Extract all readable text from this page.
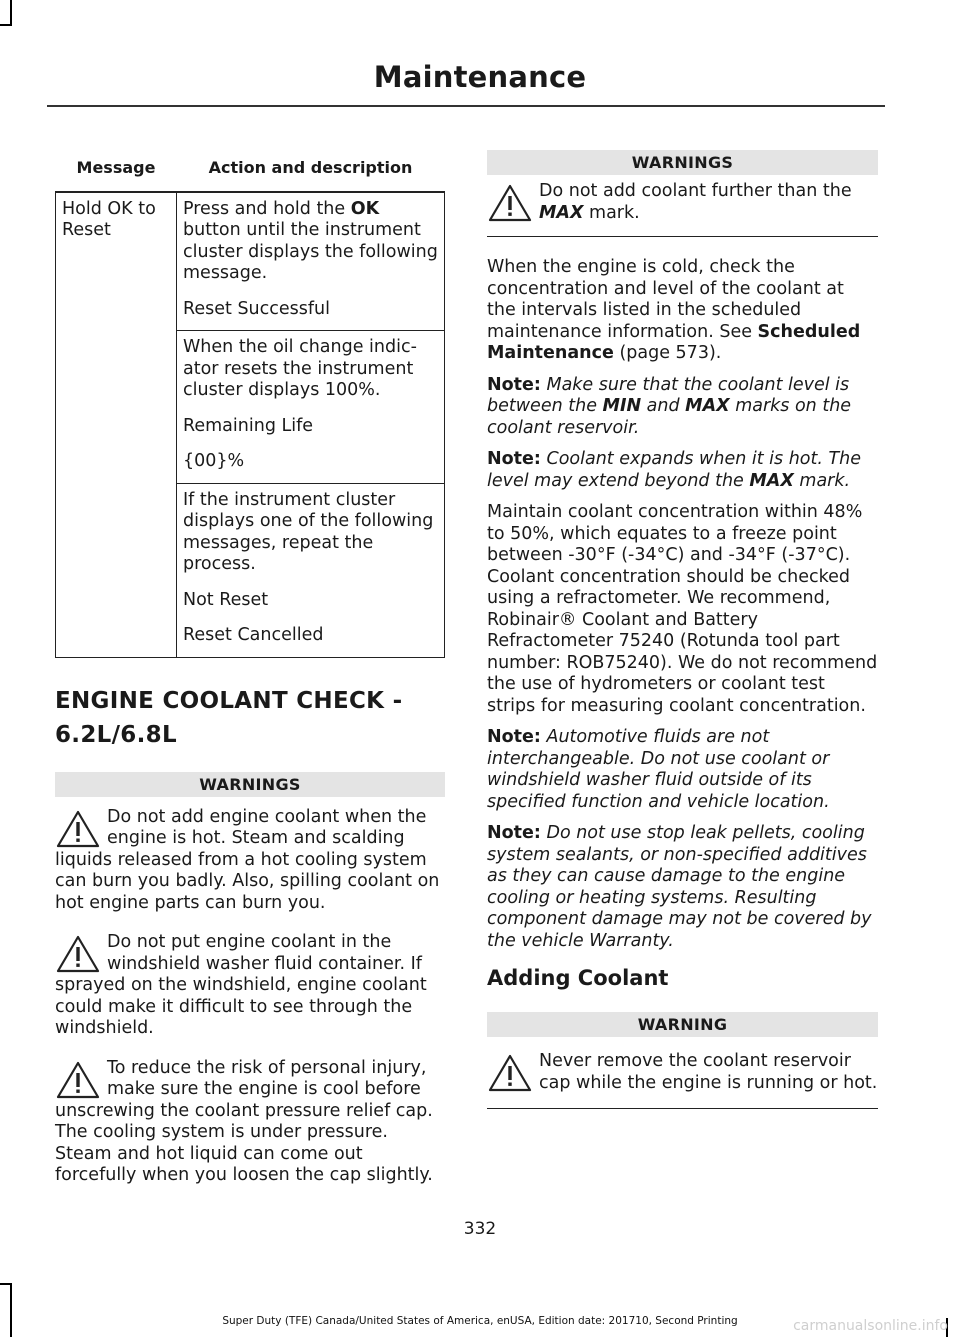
Maintenance
Message	Action and description
Hold OK to Reset	Press and hold the OK button until the instrument cluster displays the following message.

Reset Successful

	When the oil change indic-ator resets the instrument cluster displays 100%.

Remaining Life

{00}%

	If the instrument cluster displays one of the following messages, repeat the process.

Not Reset

Reset Cancelled

ENGINE COOLANT CHECK - 6.2L/6.8L
WARNINGS
Do not add engine coolant when the engine is hot. Steam and scalding liquids released from a hot cooling system can burn you badly. Also, spilling coolant on hot engine parts can burn you.
Do not put engine coolant in the windshield washer fluid container. If sprayed on the windshield, engine coolant could make it difficult to see through the windshield.
To reduce the risk of personal injury, make sure the engine is cool before unscrewing the coolant pressure relief cap. The cooling system is under pressure. Steam and hot liquid can come out forcefully when you loosen the cap slightly.
WARNINGS
Do not add coolant further than the MAX mark.

When the engine is cold, check the concentration and level of the coolant at the intervals listed in the scheduled maintenance information. See Scheduled Maintenance (page 573).

Note: Make sure that the coolant level is between the MIN and MAX marks on the coolant reservoir.

Note: Coolant expands when it is hot. The level may extend beyond the MAX mark.

Maintain coolant concentration within 48% to 50%, which equates to a freeze point between -30°F (-34°C) and -34°F (-37°C). Coolant concentration should be checked using a refractometer. We recommend, Robinair® Coolant and Battery Refractometer 75240 (Rotunda tool part number: ROB75240). We do not recommend the use of hydrometers or coolant test strips for measuring coolant concentration.

Note: Automotive fluids are not interchangeable. Do not use coolant or windshield washer fluid outside of its specified function and vehicle location.

Note: Do not use stop leak pellets, cooling system sealants, or non-specified additives as they can cause damage to the engine cooling or heating systems. Resulting component damage may not be covered by the vehicle Warranty.

Adding Coolant
WARNING
Never remove the coolant reservoir cap while the engine is running or hot.
332
Super Duty (TFE) Canada/United States of America, enUSA, Edition date: 201710, Second Printing	carmanualsonline.info
